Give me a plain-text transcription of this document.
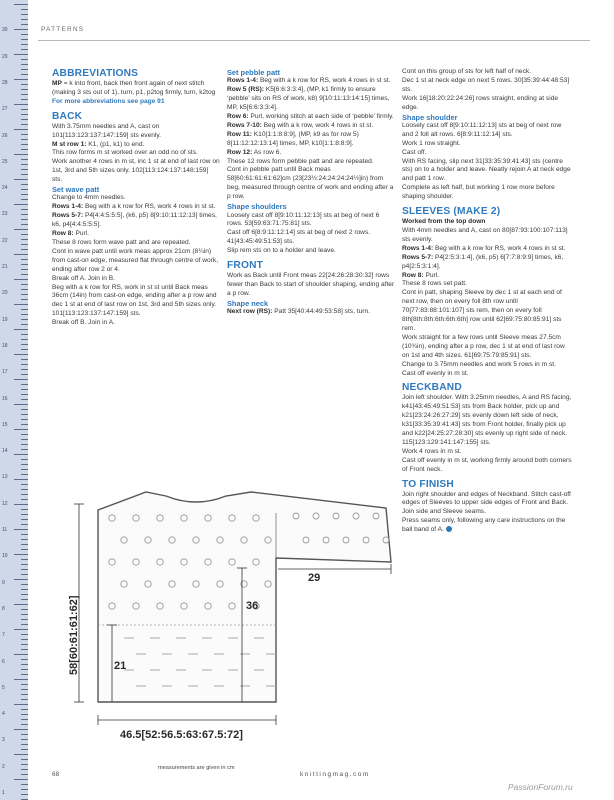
1
2
3
4
5
6
7
8
9
10
11
12
13
14
15
16
17
18
19
20
21
22
23
24
25
26
27
28
29
30	PATTERNS
ABBREVIATIONS

MP = k into front, back then front again of next stitch (making 3 sts out of 1), turn, p1, p2tog firmly, turn, k2tog

For more abbreviations see page 91

BACK

With 3.75mm needles and A, cast on 101[113:123:137:147:159] sts evenly.

M st row 1: K1, (p1, k1) to end.

This row forms m st worked over an odd no of sts.

Work another 4 rows in m st, inc 1 st at end of last row on 1st, 3rd and 5th sizes only. 102[113:124:137:148:159] sts.

Set wave patt

Change to 4mm needles.

Rows 1-4: Beg with a k row for RS, work 4 rows in st st.

Rows 5-7: P4[4:4:5:5:5], (k6, p5) 8[9:10:11:12:13] times, k6, p4[4:4:5:5:5].

Row 8: Purl.

These 8 rows form wave patt and are repeated.

Cont in wave patt until work meas approx 21cm (8¼in) from cast-on edge, measured flat through centre of work, ending after row 2 or 4.

Break off A. Join in B.

Beg with a k row for RS, work in st st until Back meas 36cm (14in) from cast-on edge, ending after a p row and dec 1 st at end of last row on 1st, 3rd and 5th sizes only. 101[113:123:137:147:159] sts.

Break off B. Join in A.

Set pebble patt

Rows 1-4: Beg with a k row for RS, work 4 rows in st st.

Row 5 (RS): K5[6:6:3:3:4], (MP, k1 firmly to ensure ‘pebble’ sits on RS of work, k8) 9[10:11:13:14:15] times, MP, k5[6:6:3:3:4].

Row 6: Purl, working stitch at each side of ‘pebble’ firmly.

Rows 7-10: Beg with a k row, work 4 rows in st st.

Row 11: K10[1:1:8:8:9], (MP, k9 as for row 5) 8[11:12:12:13:14] times, MP, k10[1:1:8:8:9].

Row 12: As row 6.

These 12 rows form pebble patt and are repeated.

Cont in pebble patt until Back meas 58[60:61:61:61:62]cm (23[23½:24:24:24:24½]in) from beg, measured through centre of work and ending after a p row.

Shape shoulders

Loosely cast off 8[9:10:11:12:13] sts at beg of next 6 rows. 53[59:63:71:75:81] sts.

Cast off 6[8:9:11:12:14] sts at beg of next 2 rows. 41[43:45:49:51:53] sts.

Slip rem sts on to a holder and leave.

FRONT

Work as Back until Front meas 22[24:26:28:30:32] rows fewer than Back to start of shoulder shaping, ending after a p row.

Shape neck

Next row (RS): Patt 35[40:44:49:53:58] sts, turn.

Cont on this group of sts for left half of neck.

Dec 1 st at neck edge on next 5 rows. 30[35:39:44:48:53] sts.

Work 16[18:20:22:24:26] rows straight, ending at side edge.

Shape shoulder

Loosely cast off 8[9:10:11:12:13] sts at beg of next row and 2 foll alt rows. 6[8:9:11:12:14] sts.

Work 1 row straight.

Cast off.

With RS facing, slip next 31[33:35:39:41:43] sts (centre sts) on to a holder and leave. Neatly rejoin A at neck edge and patt 1 row.

Complete as left half, but working 1 row more before shaping shoulder.

SLEEVES (MAKE 2)

Worked from the top down

With 4mm needles and A, cast on 80[87:93:100:107:113] sts evenly.

Rows 1-4: Beg with a k row for RS, work 4 rows in st st.

Rows 5-7: P4[2:5:3:1:4], (k6, p5) 6[7:7:8:9:9] times, k6, p4[2:5:3:1:4].

Row 8: Purl.

These 8 rows set patt.

Cont in patt, shaping Sleeve by dec 1 st at each end of next row, then on every foll 8th row until 70[77:83:88:101:107] sts rem, then on every foll 8th[8th:8th:6th:6th:6th] row until 62[69:75:80:85:91] sts rem.

Work straight for a few rows until Sleeve meas 27.5cm (10¾in), ending after a p row, dec 1 st at end of last row on 1st and 4th sizes. 61[69:75:79:85:91] sts.

Change to 3.75mm needles and work 5 rows in m st.

Cast off evenly in m st.

NECKBAND

Join left shoulder. With 3.25mm needles, A and RS facing, k41[43:45:49:51:53] sts from Back holder, pick up and k21[23:24:26:27:29] sts evenly down left side of neck, k31[33:35:39:41:43] sts from Front holder, finally pick up and k22[24:25:27:28:30] sts evenly up right side of neck. 115[123:129:141:147:155] sts.

Work 4 rows in m st.

Cast off evenly in m st, working firmly around both corners of Front neck.

TO FINISH

Join right shoulder and edges of Neckband. Stitch cast-off edges of Sleeves to upper side edges of Front and Back.

Join side and Sleeve seams.

Press seams only, following any care instructions on the ball band of A.

58[60:61:61:62]	36
21
46.5[52:56.5:63:67.5:72]
29
measurements are given in cm
68	knittingmag.com
PassionForum.ru
